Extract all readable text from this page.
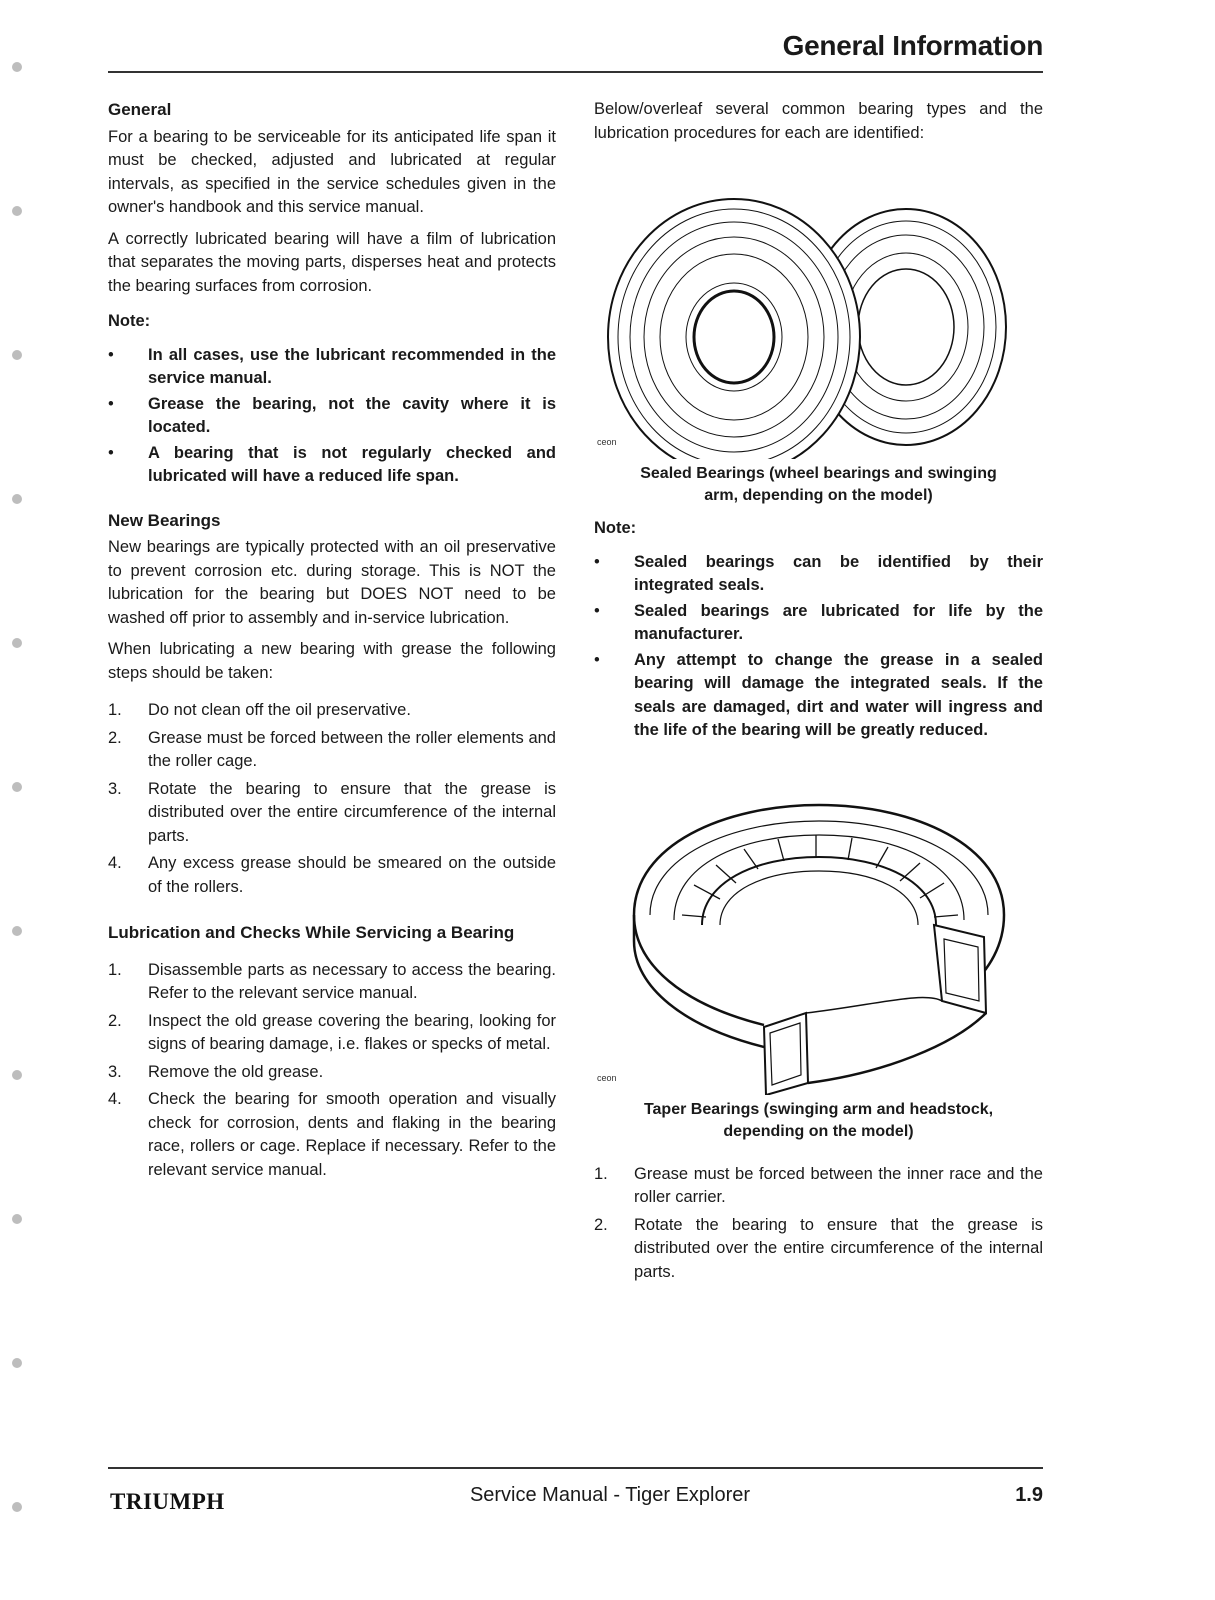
General Information
General

For a bearing to be serviceable for its anticipated life span it must be checked, adjusted and lubricated at regular intervals, as specified in the service schedules given in the owner's handbook and this service manual.

A correctly lubricated bearing will have a film of lubrication that separates the moving parts, disperses heat and protects the bearing surfaces from corrosion.

Note:
• In all cases, use the lubricant recommended in the service manual.
• Grease the bearing, not the cavity where it is located.
• A bearing that is not regularly checked and lubricated will have a reduced life span.
New Bearings

New bearings are typically protected with an oil preservative to prevent corrosion etc. during storage. This is NOT the lubrication for the bearing but DOES NOT need to be washed off prior to assembly and in-service lubrication.

When lubricating a new bearing with grease the following steps should be taken:

1. Do not clean off the oil preservative.
2. Grease must be forced between the roller elements and the roller cage.
3. Rotate the bearing to ensure that the grease is distributed over the entire circumference of the internal parts.
4. Any excess grease should be smeared on the outside of the rollers.
Lubrication and Checks While Servicing a Bearing
1. Disassemble parts as necessary to access the bearing. Refer to the relevant service manual.
2. Inspect the old grease covering the bearing, looking for signs of bearing damage, i.e. flakes or specks of metal.
3. Remove the old grease.
4. Check the bearing for smooth operation and visually check for corrosion, dents and flaking in the bearing race, rollers or cage. Replace if necessary. Refer to the relevant service manual.

Below/overleaf several common bearing types and the lubrication procedures for each are identified:

ceon
Sealed Bearings (wheel bearings and swinging arm, depending on the model)
Note:
• Sealed bearings can be identified by their integrated seals.
• Sealed bearings are lubricated for life by the manufacturer.
• Any attempt to change the grease in a sealed bearing will damage the integrated seals. If the seals are damaged, dirt and water will ingress and the life of the bearing will be greatly reduced.
ceon
Taper Bearings (swinging arm and headstock, depending on the model)
1. Grease must be forced between the inner race and the roller carrier.
2. Rotate the bearing to ensure that the grease is distributed over the entire circumference of the internal parts.
TRIUMPH	Service Manual - Tiger Explorer	1.9
